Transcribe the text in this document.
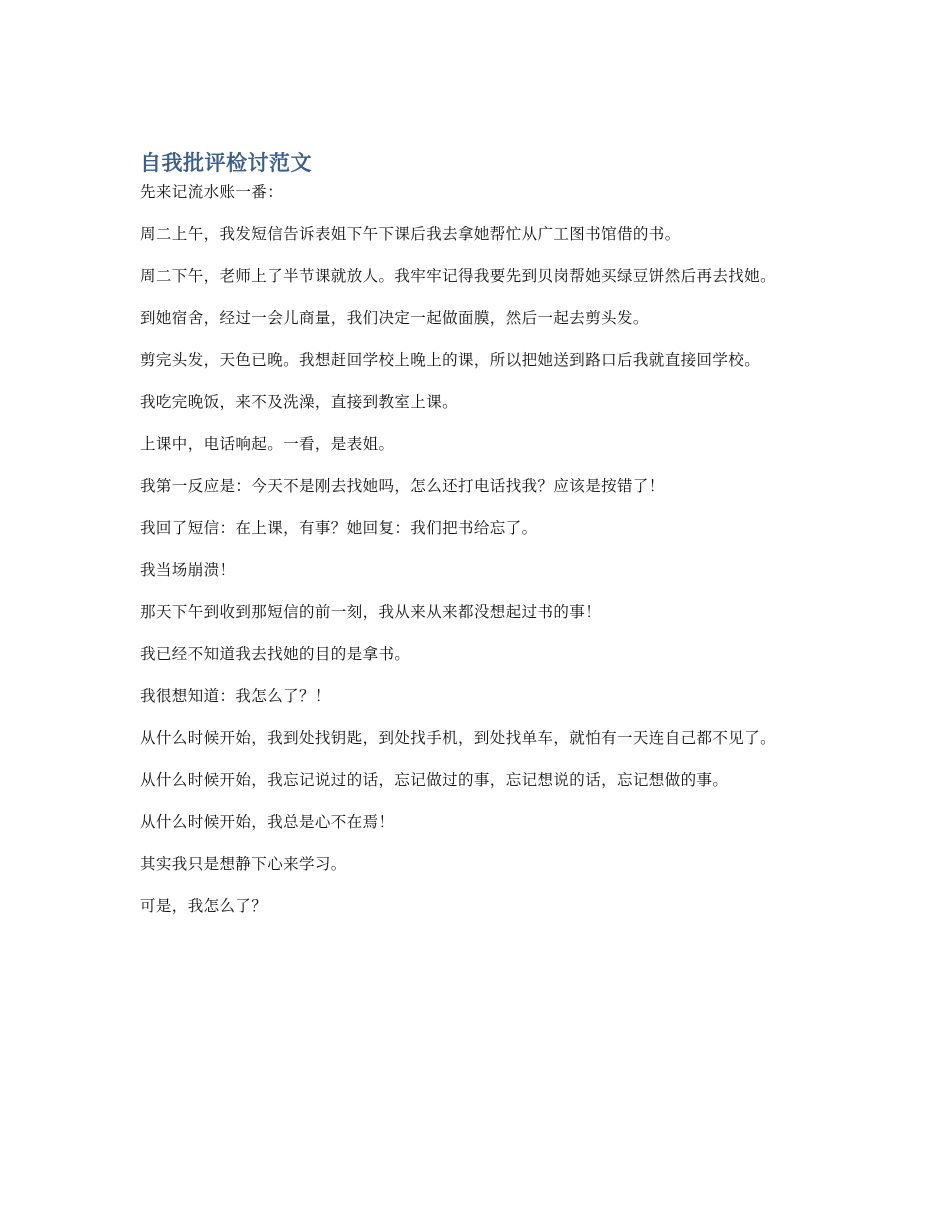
自我批评检讨范文

先来记流水账一番：

周二上午，我发短信告诉表姐下午下课后我去拿她帮忙从广工图书馆借的书。

周二下午，老师上了半节课就放人。我牢牢记得我要先到贝岗帮她买绿豆饼然后再去找她。

到她宿舍，经过一会儿商量，我们决定一起做面膜，然后一起去剪头发。

剪完头发，天色已晚。我想赶回学校上晚上的课，所以把她送到路口后我就直接回学校。

我吃完晚饭，来不及洗澡，直接到教室上课。

上课中，电话响起。一看，是表姐。

我第一反应是：今天不是刚去找她吗，怎么还打电话找我？应该是按错了！

我回了短信：在上课，有事？她回复：我们把书给忘了。

我当场崩溃！

那天下午到收到那短信的前一刻，我从来从来都没想起过书的事！

我已经不知道我去找她的目的是拿书。

我很想知道：我怎么了？！

从什么时候开始，我到处找钥匙，到处找手机，到处找单车，就怕有一天连自己都不见了。

从什么时候开始，我忘记说过的话，忘记做过的事，忘记想说的话，忘记想做的事。

从什么时候开始，我总是心不在焉！

其实我只是想静下心来学习。

可是，我怎么了？
